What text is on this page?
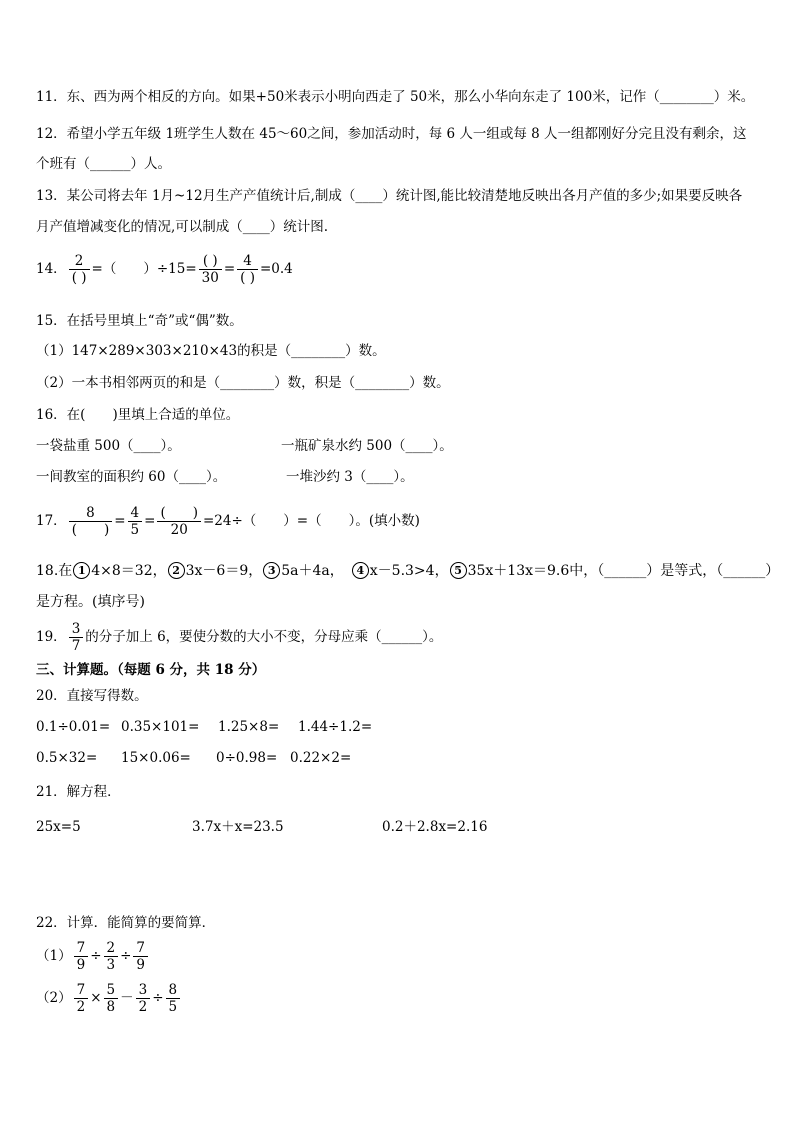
11．东、西为两个相反的方向。如果+50米表示小明向西走了 50米，那么小华向东走了 100米，记作（________）米。
12．希望小学五年级 1班学生人数在 45～60之间，参加活动时，每 6 人一组或每 8 人一组都刚好分完且没有剩余，这
个班有（______）人。
13．某公司将去年 1月~12月生产产值统计后,制成（____）统计图,能比较清楚地反映出各月产值的多少;如果要反映各
月产值增减变化的情况,可以制成（____）统计图.
14． $\frac{2}{( )}$ =（　　）$\div 15= \frac{( )}{30} = \frac{4}{( )} =0.4$
15．在括号里填上“奇”或“偶”数。
（1）147×289×303×210×43的积是（________）数。
（2）一本书相邻两页的和是（________）数，积是（________）数。
16．在(　　)里填上合适的单位。
一袋盐重 500（____）。	一瓶矿泉水约 500（____）。
一间教室的面积约 60（____）。	一堆沙约 3（____）。
17． $\frac{8}{( )} = \frac{4}{5} = \frac{( )}{20} =24\div$（　　）=（　　）。(填小数)
18.在 1 4×8＝32， 2 3x－6＝9， 3 5a＋4a，　4 x－5.3>4， 5 35x＋13x＝9.6中，（______）是等式，（______）
是方程。(填序号)
19． $\frac{3}{7}$ 的分子加上 6，要使分数的大小不变，分母应乘（______）。
三、计算题。（每题 6 分，共 18 分）
20．直接写得数。
0.1÷0.01= 0.35×101= 1.25×8= 1.44÷1.2=
0.5×32= 15×0.06= 0÷0.98= 0.22×2=
21．解方程．
25x=5	3.7x＋x=23.5	0.2＋2.8x=2.16
22．计算．能简算的要简算．
$(1) \frac{7}{9} \div \frac{2}{3} \div \frac{7}{9}$
$(2) \frac{7}{2} \times \frac{5}{8} - \frac{3}{2} \div \frac{8}{5}$
